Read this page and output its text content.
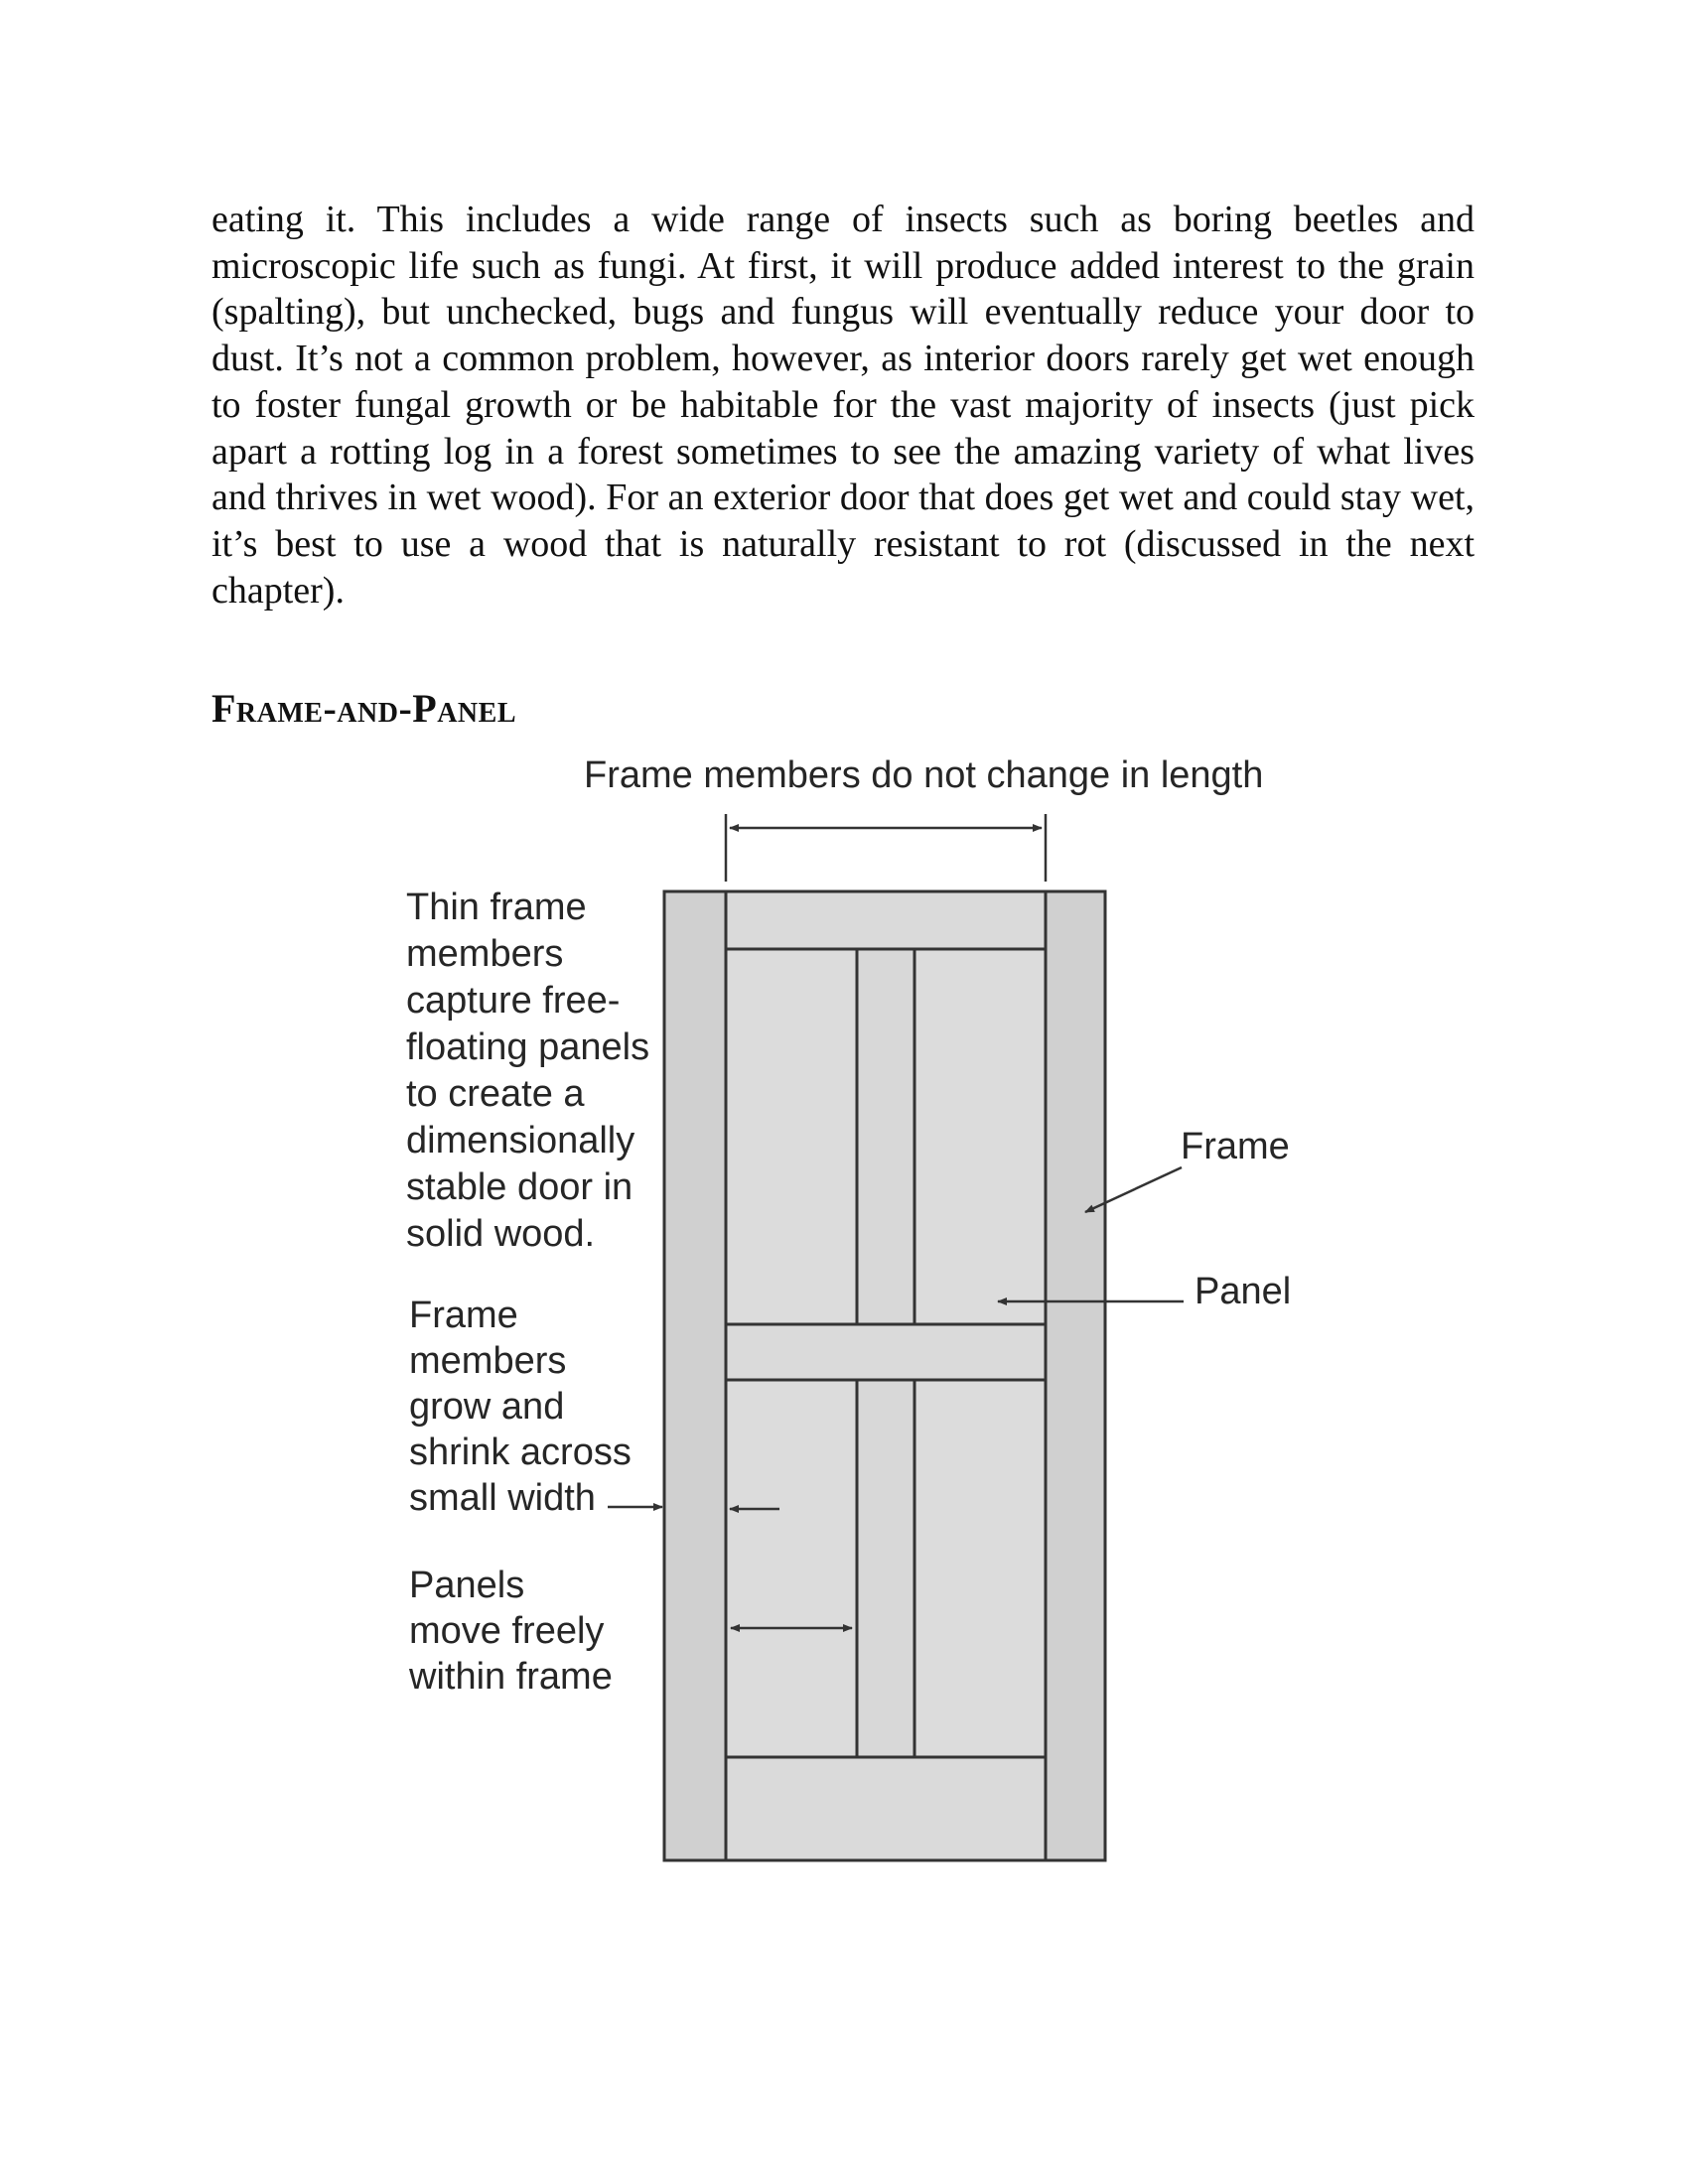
eating it. This includes a wide range of insects such as boring beetles and microscopic life such as fungi. At first, it will produce added interest to the grain (spalting), but unchecked, bugs and fungus will eventually reduce your door to dust. It’s not a common problem, however, as interior doors rarely get wet enough to foster fungal growth or be habitable for the vast majority of insects (just pick apart a rotting log in a forest sometimes to see the amazing variety of what lives and thrives in wet wood). For an exterior door that does get wet and could stay wet, it’s best to use a wood that is naturally resistant to rot (discussed in the next chapter).

Frame-and-Panel
Frame members do not change in length
Thin frame members capture free- floating panels to create a dimensionally stable door in solid wood.
Frame members grow and shrink across small width
Panels move freely within frame
Frame
Panel
